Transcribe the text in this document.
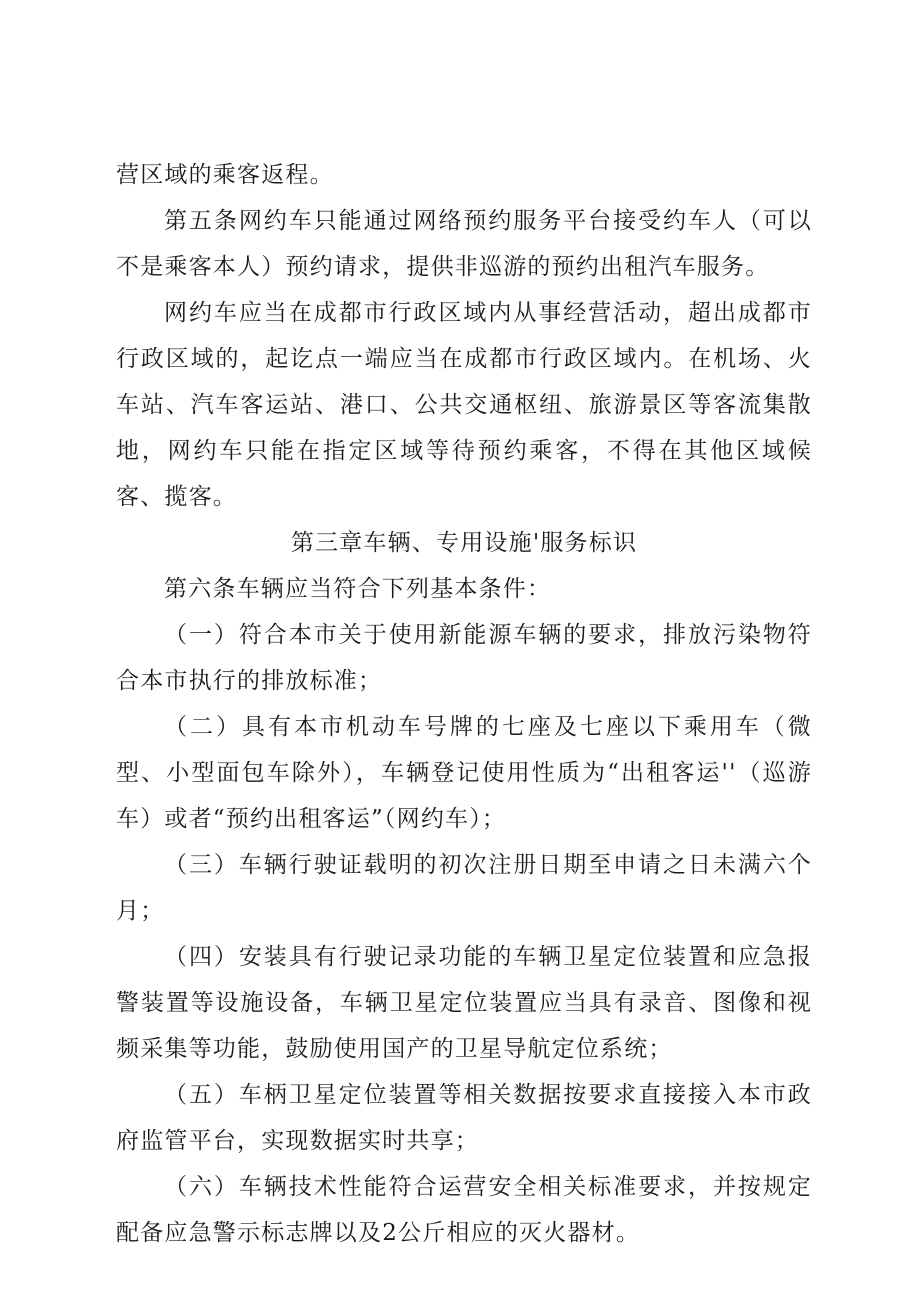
营区域的乘客返程。

第五条网约车只能通过网络预约服务平台接受约车人（可以不是乘客本人）预约请求，提供非巡游的预约出租汽车服务。

网约车应当在成都市行政区域内从事经营活动，超出成都市行政区域的，起讫点一端应当在成都市行政区域内。在机场、火车站、汽车客运站、港口、公共交通枢纽、旅游景区等客流集散地，网约车只能在指定区域等待预约乘客，不得在其他区域候客、揽客。

第三章车辆、专用设施'服务标识

第六条车辆应当符合下列基本条件：

（一）符合本市关于使用新能源车辆的要求，排放污染物符合本市执行的排放标准；

（二）具有本市机动车号牌的七座及七座以下乘用车（微型、小型面包车除外），车辆登记使用性质为“出租客运''（巡游车）或者“预约出租客运”（网约车）；

（三）车辆行驶证载明的初次注册日期至申请之日未满六个月；

（四）安装具有行驶记录功能的车辆卫星定位装置和应急报警装置等设施设备，车辆卫星定位装置应当具有录音、图像和视频采集等功能，鼓励使用国产的卫星导航定位系统；

（五）车柄卫星定位装置等相关数据按要求直接接入本市政府监管平台，实现数据实时共享；

（六）车辆技术性能符合运营安全相关标准要求，并按规定配备应急警示标志牌以及2公斤相应的灭火器材。
